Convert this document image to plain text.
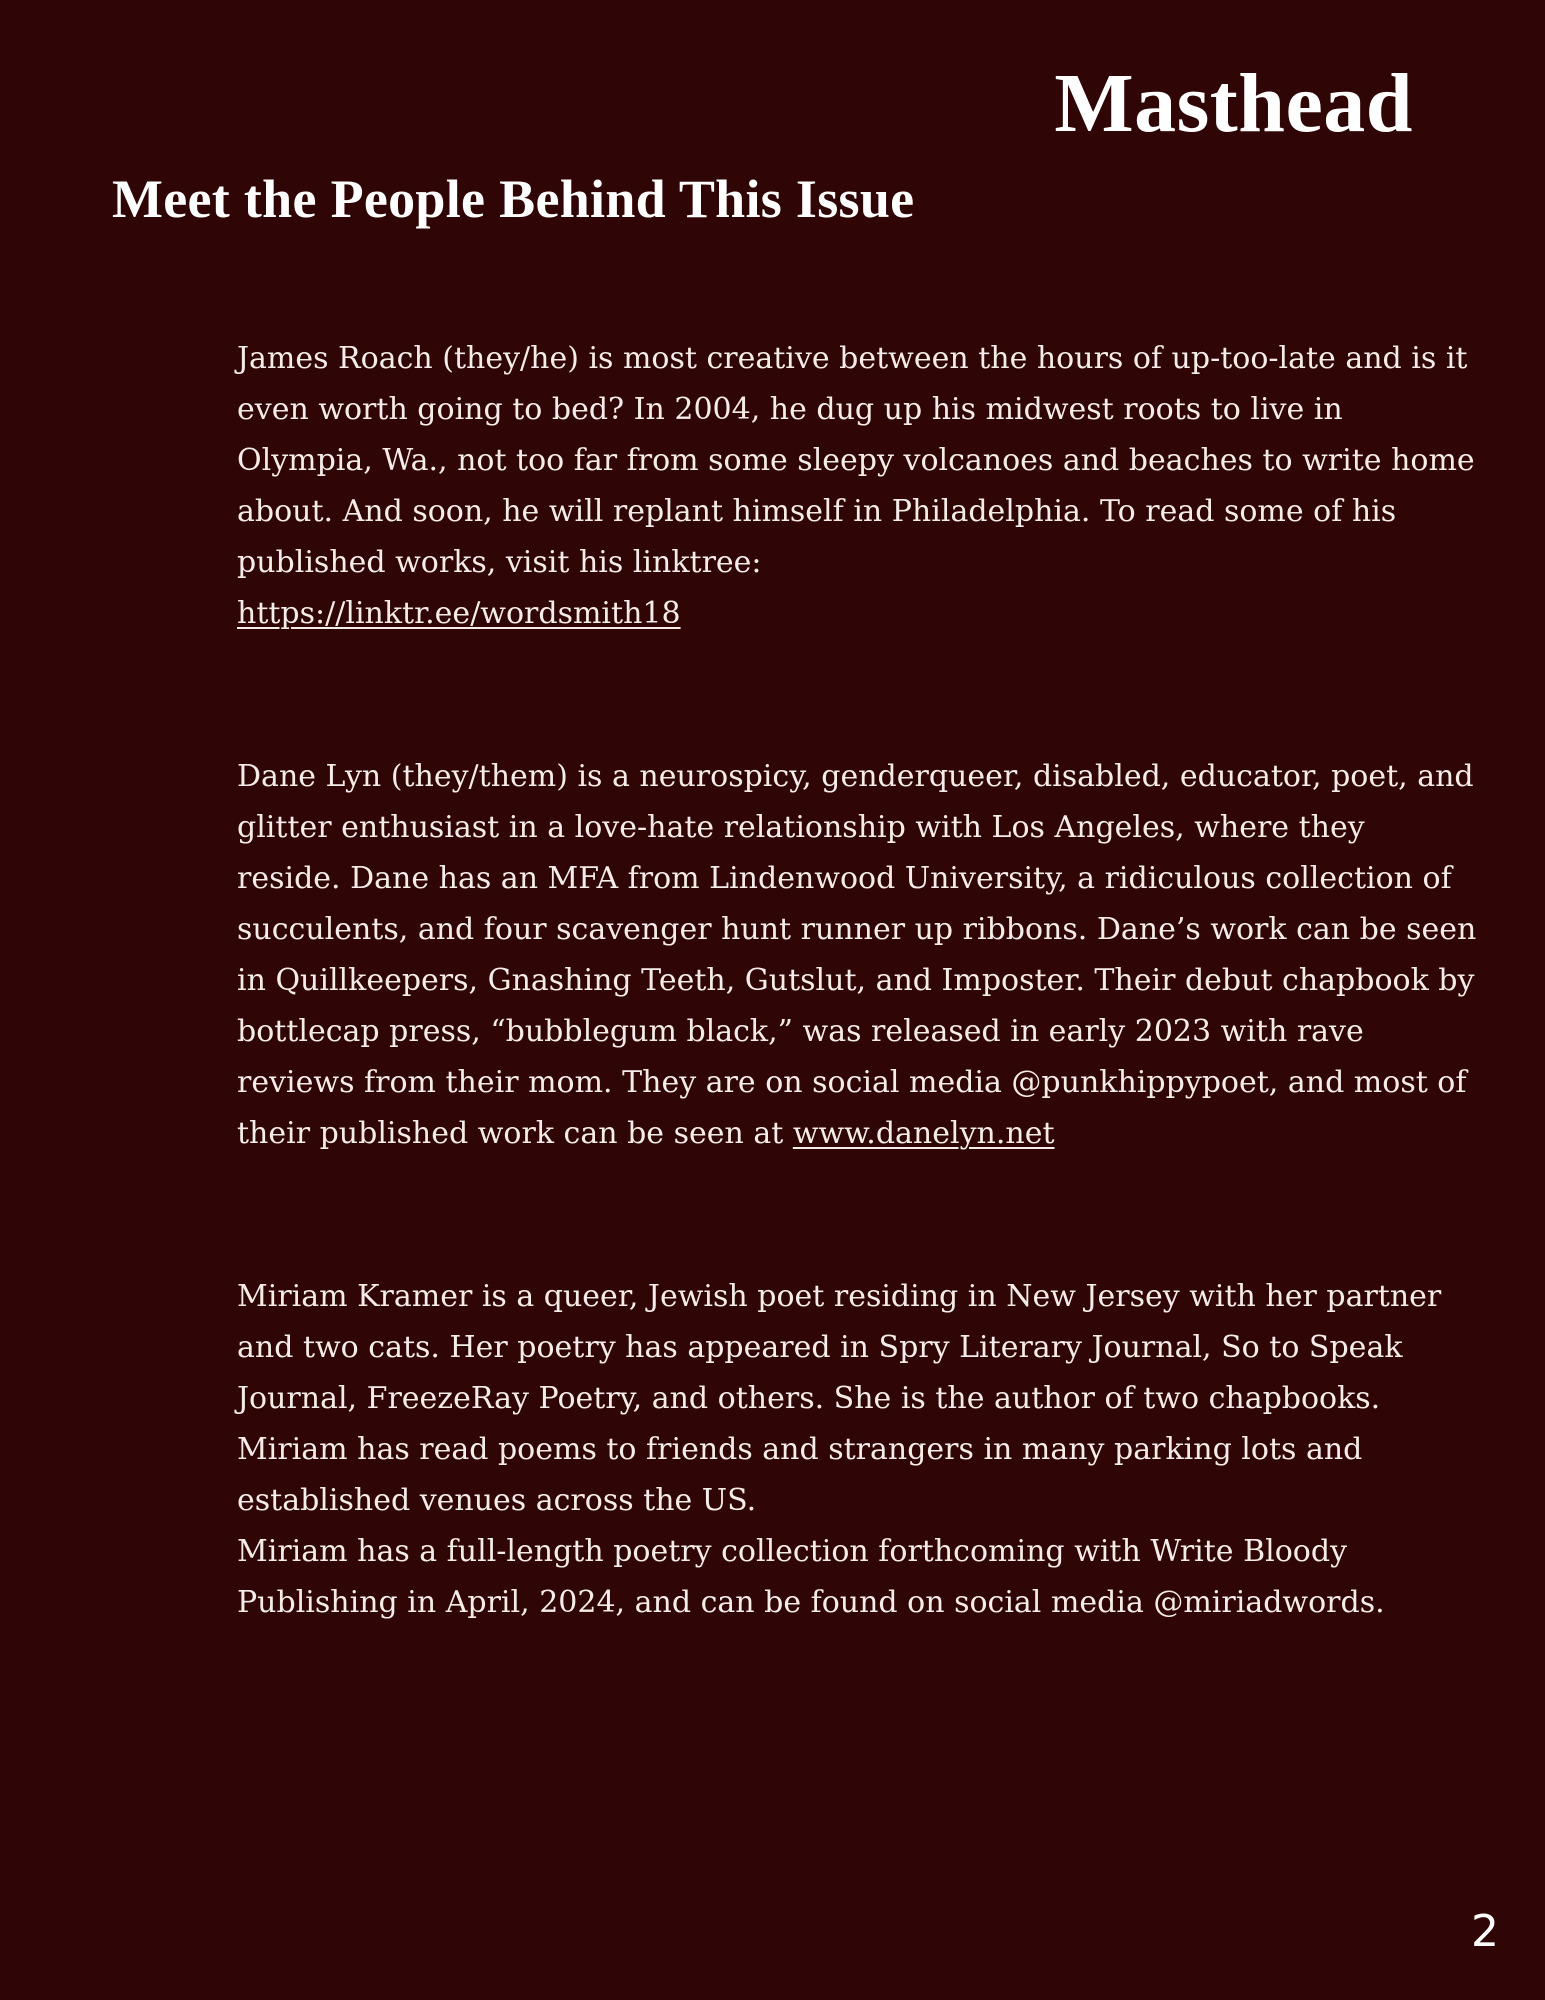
Masthead
Meet the People Behind This Issue

James Roach (they/he) is most creative between the hours of up-too-late and is it even worth going to bed? In 2004, he dug up his midwest roots to live in Olympia, Wa., not too far from some sleepy volcanoes and beaches to write home about. And soon, he will replant himself in Philadelphia. To read some of his published works, visit his linktree:
https://linktr.ee/wordsmith18

Dane Lyn (they/them) is a neurospicy, genderqueer, disabled, educator, poet, and glitter enthusiast in a love-hate relationship with Los Angeles, where they reside. Dane has an MFA from Lindenwood University, a ridiculous collection of succulents, and four scavenger hunt runner up ribbons. Dane’s work can be seen in Quillkeepers, Gnashing Teeth, Gutslut, and Imposter. Their debut chapbook by bottlecap press, “bubblegum black,” was released in early 2023 with rave reviews from their mom. They are on social media @punkhippypoet, and most of their published work can be seen at www.danelyn.net

Miriam Kramer is a queer, Jewish poet residing in New Jersey with her partner and two cats. Her poetry has appeared in Spry Literary Journal, So to Speak Journal, FreezeRay Poetry, and others. She is the author of two chapbooks. Miriam has read poems to friends and strangers in many parking lots and established venues across the US.
Miriam has a full-length poetry collection forthcoming with Write Bloody Publishing in April, 2024, and can be found on social media @miriadwords.

2
